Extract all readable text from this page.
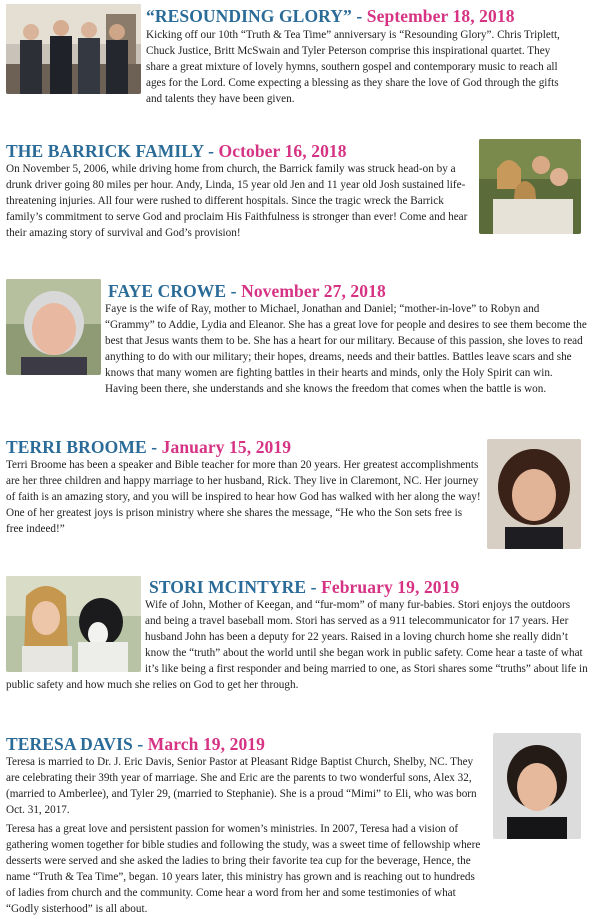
“RESOUNDING GLORY” - September 18, 2018

Kicking off our 10th “Truth & Tea Time” anniversary is “Resounding Glory”. Chris Triplett, Chuck Justice, Britt McSwain and Tyler Peterson comprise this inspirational quartet. They share a great mixture of lovely hymns, southern gospel and contemporary music to reach all ages for the Lord. Come expecting a blessing as they share the love of God through the gifts and talents they have been given.

THE BARRICK FAMILY - October 16, 2018

On November 5, 2006, while driving home from church, the Barrick family was struck head-on by a drunk driver going 80 miles per hour. Andy, Linda, 15 year old Jen and 11 year old Josh sustained life-threatening injuries. All four were rushed to different hospitals. Since the tragic wreck the Barrick family’s commitment to serve God and proclaim His Faithfulness is stronger than ever! Come and hear their amazing story of survival and God’s provision!

FAYE CROWE - November 27, 2018

Faye is the wife of Ray, mother to Michael, Jonathan and Daniel; “mother-in-love” to Robyn and “Grammy” to Addie, Lydia and Eleanor. She has a great love for people and desires to see them become the best that Jesus wants them to be. She has a heart for our military. Because of this passion, she loves to read anything to do with our military; their hopes, dreams, needs and their battles. Battles leave scars and she knows that many women are fighting battles in their hearts and minds, only the Holy Spirit can win. Having been there, she understands and she knows the freedom that comes when the battle is won.

TERRI BROOME - January 15, 2019

Terri Broome has been a speaker and Bible teacher for more than 20 years. Her greatest accomplishments are her three children and happy marriage to her husband, Rick. They live in Claremont, NC. Her journey of faith is an amazing story, and you will be inspired to hear how God has walked with her along the way! One of her greatest joys is prison ministry where she shares the message, “He who the Son sets free is free indeed!”

STORI MCINTYRE - February 19, 2019

Wife of John, Mother of Keegan, and “fur-mom” of many fur-babies. Stori enjoys the outdoors and being a travel baseball mom. Stori has served as a 911 telecommunicator for 17 years. Her husband John has been a deputy for 22 years. Raised in a loving church home she really didn’t know the “truth” about the world until she began work in public safety. Come hear a taste of what it’s like being a first responder and being married to one, as Stori shares some “truths” about life in public safety and how much she relies on God to get her through.

TERESA DAVIS - March 19, 2019

Teresa is married to Dr. J. Eric Davis, Senior Pastor at Pleasant Ridge Baptist Church, Shelby, NC. They are celebrating their 39th year of marriage. She and Eric are the parents to two wonderful sons, Alex 32, (married to Amberlee), and Tyler 29, (married to Stephanie). She is a proud “Mimi” to Eli, who was born Oct. 31, 2017.

Teresa has a great love and persistent passion for women’s ministries. In 2007, Teresa had a vision of gathering women together for bible studies and following the study, was a sweet time of fellowship where desserts were served and she asked the ladies to bring their favorite tea cup for the beverage, Hence, the name “Truth & Tea Time”, began. 10 years later, this ministry has grown and is reaching out to hundreds of ladies from church and the community. Come hear a word from her and some testimonies of what “Godly sisterhood” is all about.
